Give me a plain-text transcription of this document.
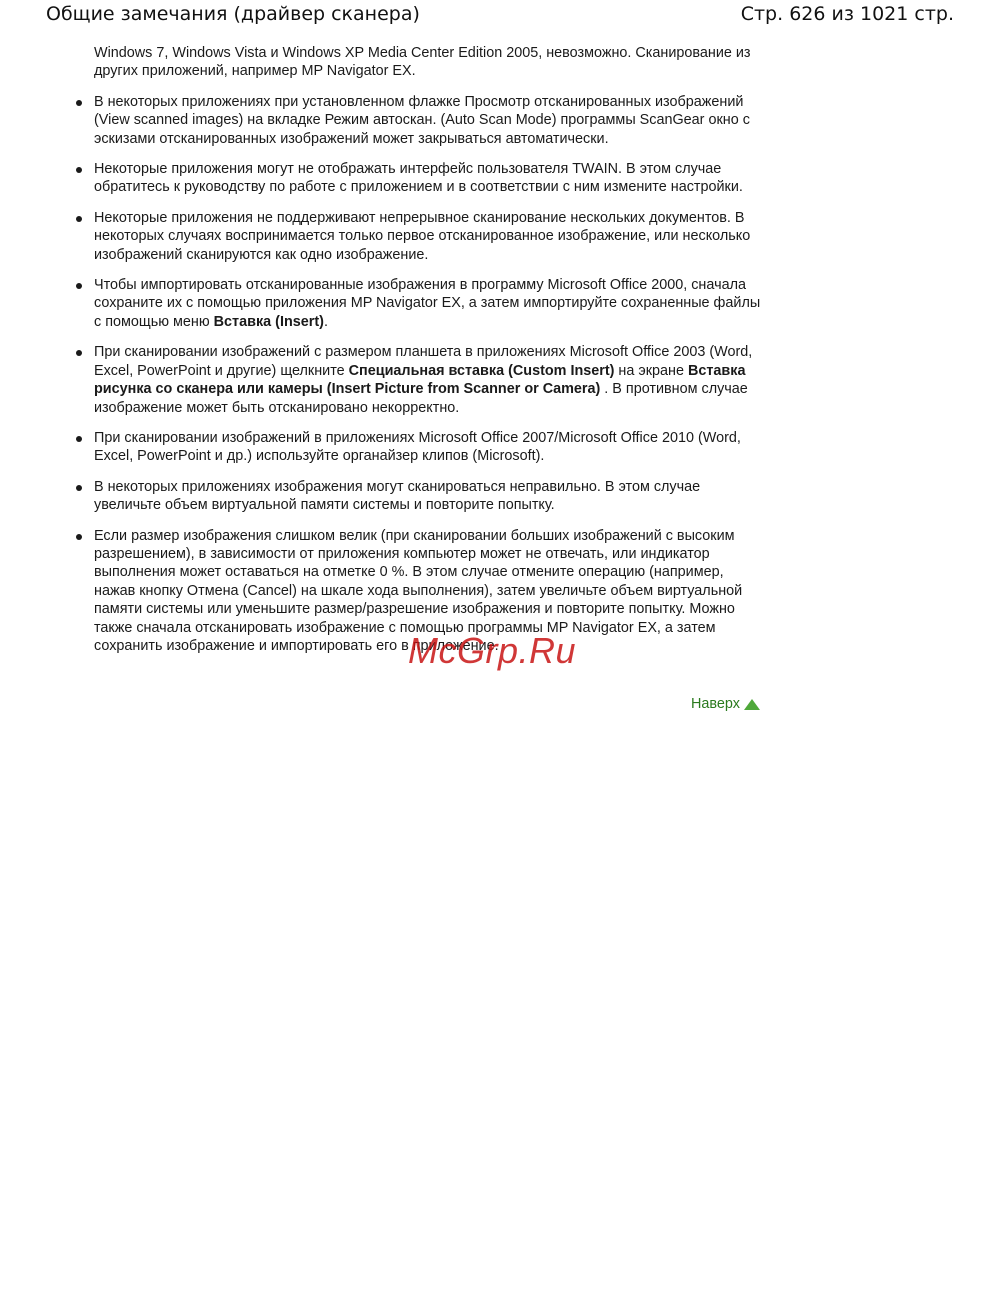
Общие замечания (драйвер сканера)	Стр. 626 из 1021 стр.

Windows 7, Windows Vista и Windows XP Media Center Edition 2005, невозможно. Сканирование из других приложений, например MP Navigator EX.

В некоторых приложениях при установленном флажке Просмотр отсканированных изображений (View scanned images) на вкладке Режим автоскан. (Auto Scan Mode) программы ScanGear окно с эскизами отсканированных изображений может закрываться автоматически.
Некоторые приложения могут не отображать интерфейс пользователя TWAIN. В этом случае обратитесь к руководству по работе с приложением и в соответствии с ним измените настройки.
Некоторые приложения не поддерживают непрерывное сканирование нескольких документов. В некоторых случаях воспринимается только первое отсканированное изображение, или несколько изображений сканируются как одно изображение.
Чтобы импортировать отсканированные изображения в программу Microsoft Office 2000, сначала сохраните их с помощью приложения MP Navigator EX, а затем импортируйте сохраненные файлы с помощью меню Вставка (Insert).
При сканировании изображений с размером планшета в приложениях Microsoft Office 2003 (Word, Excel, PowerPoint и другие) щелкните Специальная вставка (Custom Insert) на экране Вставка рисунка со сканера или камеры (Insert Picture from Scanner or Camera) . В противном случае изображение может быть отсканировано некорректно.
При сканировании изображений в приложениях Microsoft Office 2007/Microsoft Office 2010 (Word, Excel, PowerPoint и др.) используйте органайзер клипов (Microsoft).
В некоторых приложениях изображения могут сканироваться неправильно. В этом случае увеличьте объем виртуальной памяти системы и повторите попытку.
Если размер изображения слишком велик (при сканировании больших изображений с высоким разрешением), в зависимости от приложения компьютер может не отвечать, или индикатор выполнения может оставаться на отметке 0 %. В этом случае отмените операцию (например, нажав кнопку Отмена (Cancel) на шкале хода выполнения), затем увеличьте объем виртуальной памяти системы или уменьшите размер/разрешение изображения и повторите попытку. Можно также сначала отсканировать изображение с помощью программы MP Navigator EX, а затем сохранить изображение и импортировать его в приложение.
McGrp.Ru
Наверх
